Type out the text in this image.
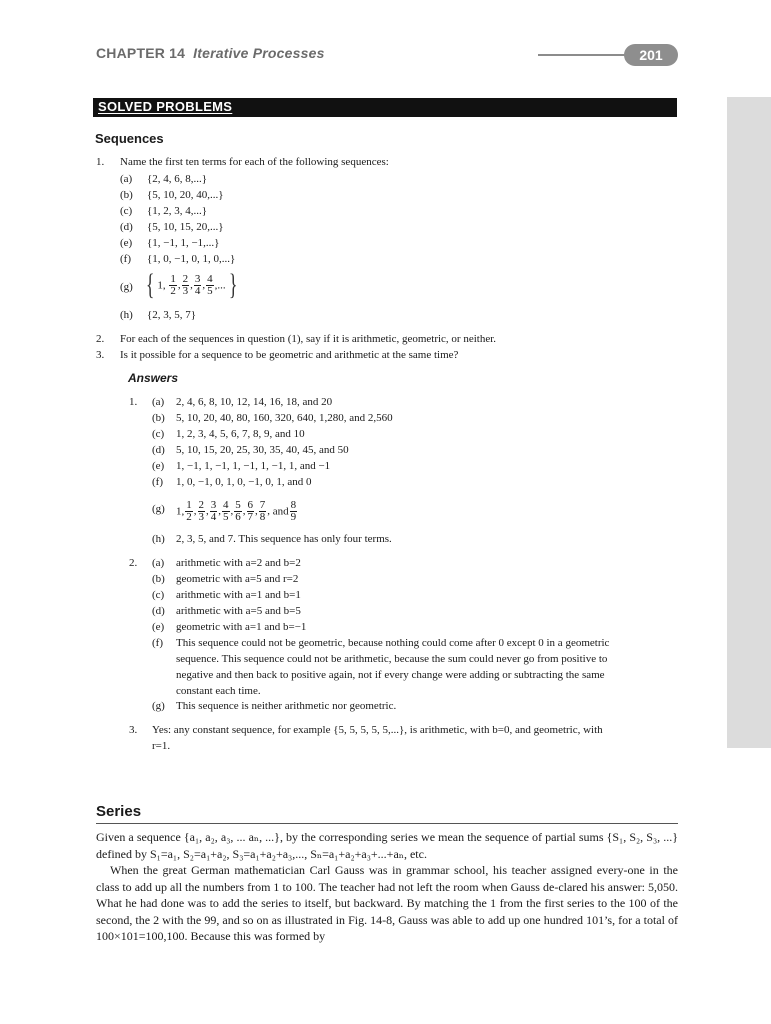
CHAPTER 14 Iterative Processes	201
SOLVED PROBLEMS
Sequences
1. Name the first ten terms for each of the following sequences:
(a) {2, 4, 6, 8,...}
(b) {5, 10, 20, 40,...}
(c) {1, 2, 3, 4,...}
(d) {5, 10, 15, 20,...}
(e) {1, −1, 1, −1,...}
(f) {1, 0, −1, 0, 1, 0,...}
(g) { 1, $\frac{1}{2}$ , $\frac{2}{3}$ , $\frac{3}{4}$ , $\frac{4}{5}$ ,...}
(h) {2, 3, 5, 7}
2. For each of the sequences in question (1), say if it is arithmetic, geometric, or neither.
3. Is it possible for a sequence to be geometric and arithmetic at the same time?
Answers
1. (a) 2, 4, 6, 8, 10, 12, 14, 16, 18, and 20
(b) 5, 10, 20, 40, 80, 160, 320, 640, 1,280, and 2,560
(c) 1, 2, 3, 4, 5, 6, 7, 8, 9, and 10
(d) 5, 10, 15, 20, 25, 30, 35, 40, 45, and 50
(e) 1, −1, 1, −1, 1, −1, 1, −1, 1, and −1
(f) 1, 0, −1, 0, 1, 0, −1, 0, 1, and 0
(g) 1, $\frac{1}{2}$ , $\frac{2}{3}$ , $\frac{3}{4}$ , $\frac{4}{5}$ , $\frac{5}{6}$ , $\frac{6}{7}$ , $\frac{7}{8}$ , and $\frac{8}{9}$
(h) 2, 3, 5, and 7. This sequence has only four terms.
2. (a) arithmetic with a=2 and b=2
(b) geometric with a=5 and r=2
(c) arithmetic with a=1 and b=1
(d) arithmetic with a=5 and b=5
(e) geometric with a=1 and b=−1
(f) This sequence could not be geometric, because nothing could come after 0 except 0 in a geometric
sequence. This sequence could not be arithmetic, because the sum could never go from positive to
negative and then back to positive again, not if every change were adding or subtracting the same
constant each time.
(g) This sequence is neither arithmetic nor geometric.
3. Yes: any constant sequence, for example {5, 5, 5, 5, 5,...}, is arithmetic, with b=0, and geometric, with
r=1.
Series
Given a sequence {a₁, a₂, a₃, ... aₙ, ...}, by the corresponding series we mean the sequence of partial sums {S₁, S₂, S₃, ...} defined by S₁=a₁, S₂=a₁+a₂, S₃=a₁+a₂+a₃,..., Sₙ=a₁+a₂+a₃+...+aₙ, etc.
When the great German mathematician Carl Gauss was in grammar school, his teacher assigned every-one in the class to add up all the numbers from 1 to 100. The teacher had not left the room when Gauss de-clared his answer: 5,050. What he had done was to add the series to itself, but backward. By matching the 1 from the first series to the 100 of the second, the 2 with the 99, and so on as illustrated in Fig. 14-8, Gauss was able to add up one hundred 101’s, for a total of 100×101=100,100. Because this was formed by
